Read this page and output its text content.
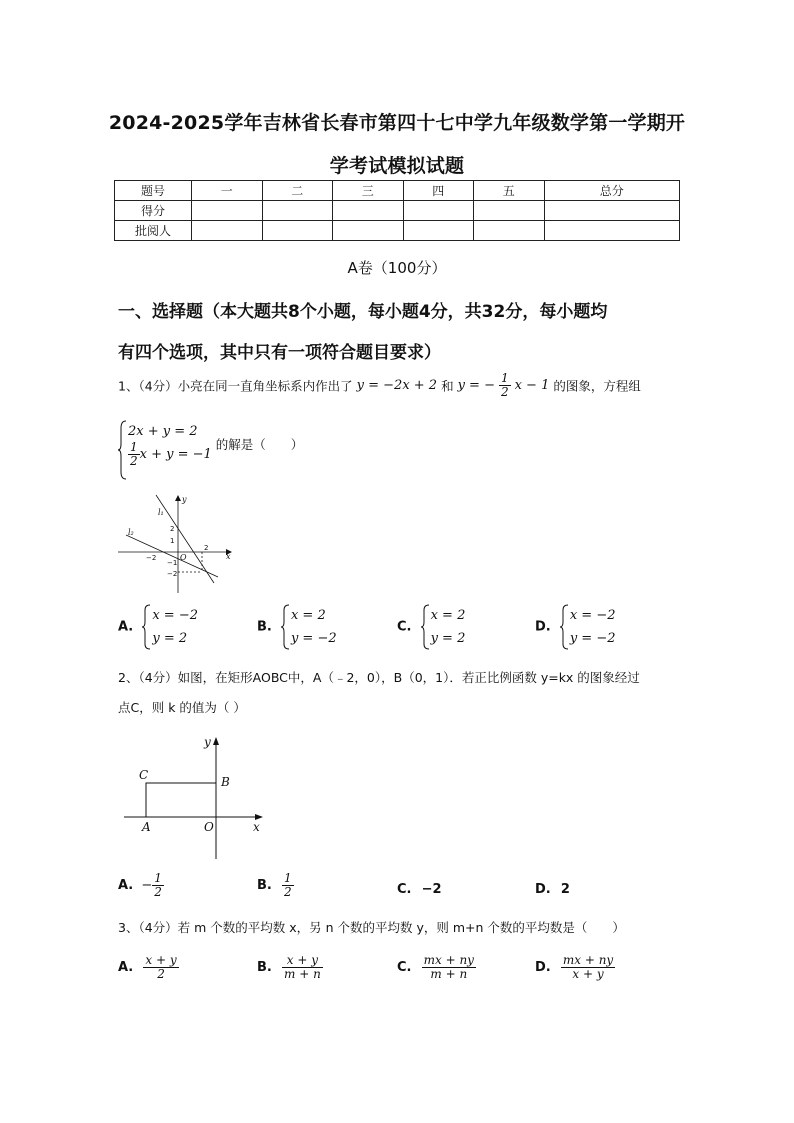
2024-2025学年吉林省长春市第四十七中学九年级数学第一学期开
学考试模拟试题
题号	一	二	三	四	五	总分
得分						
批阅人						
A卷（100分）
一、选择题（本大题共8个小题，每小题4分，共32分，每小题均
有四个选项，其中只有一项符合题目要求）
1、（4分）小亮在同一直角坐标系内作出了 y = −2x + 2 和 y = − $\frac{1}{2}$ x − 1 的图象，方程组
2x + y = 2
$\frac{1}{2}$ x + y = −1
的解是（　　）
l₁
l₂
y
x
O
2
1
−1
−2
−2
2
A.
x = −2
y = 2
B.
x = 2
y = −2
C.
x = 2
y = 2
D.
x = −2
y = −2
2、（4分）如图，在矩形AOBC中，A（﹣2，0），B（0，1）．若正比例函数 y=kx 的图象经过
点C，则 k 的值为（ ）
y
x
C	B
A	O
A. − $\frac{1}{2}$	B. $\frac{1}{2}$	C. −2	D. 2
3、（4分）若 m 个数的平均数 x，另 n 个数的平均数 y，则 m+n 个数的平均数是（　　）
A. $\frac{x + y}{2}$	B. $\frac{x + y}{m + n}$	C. $\frac{mx + ny}{m + n}$	D. $\frac{mx + ny}{x + y}$
